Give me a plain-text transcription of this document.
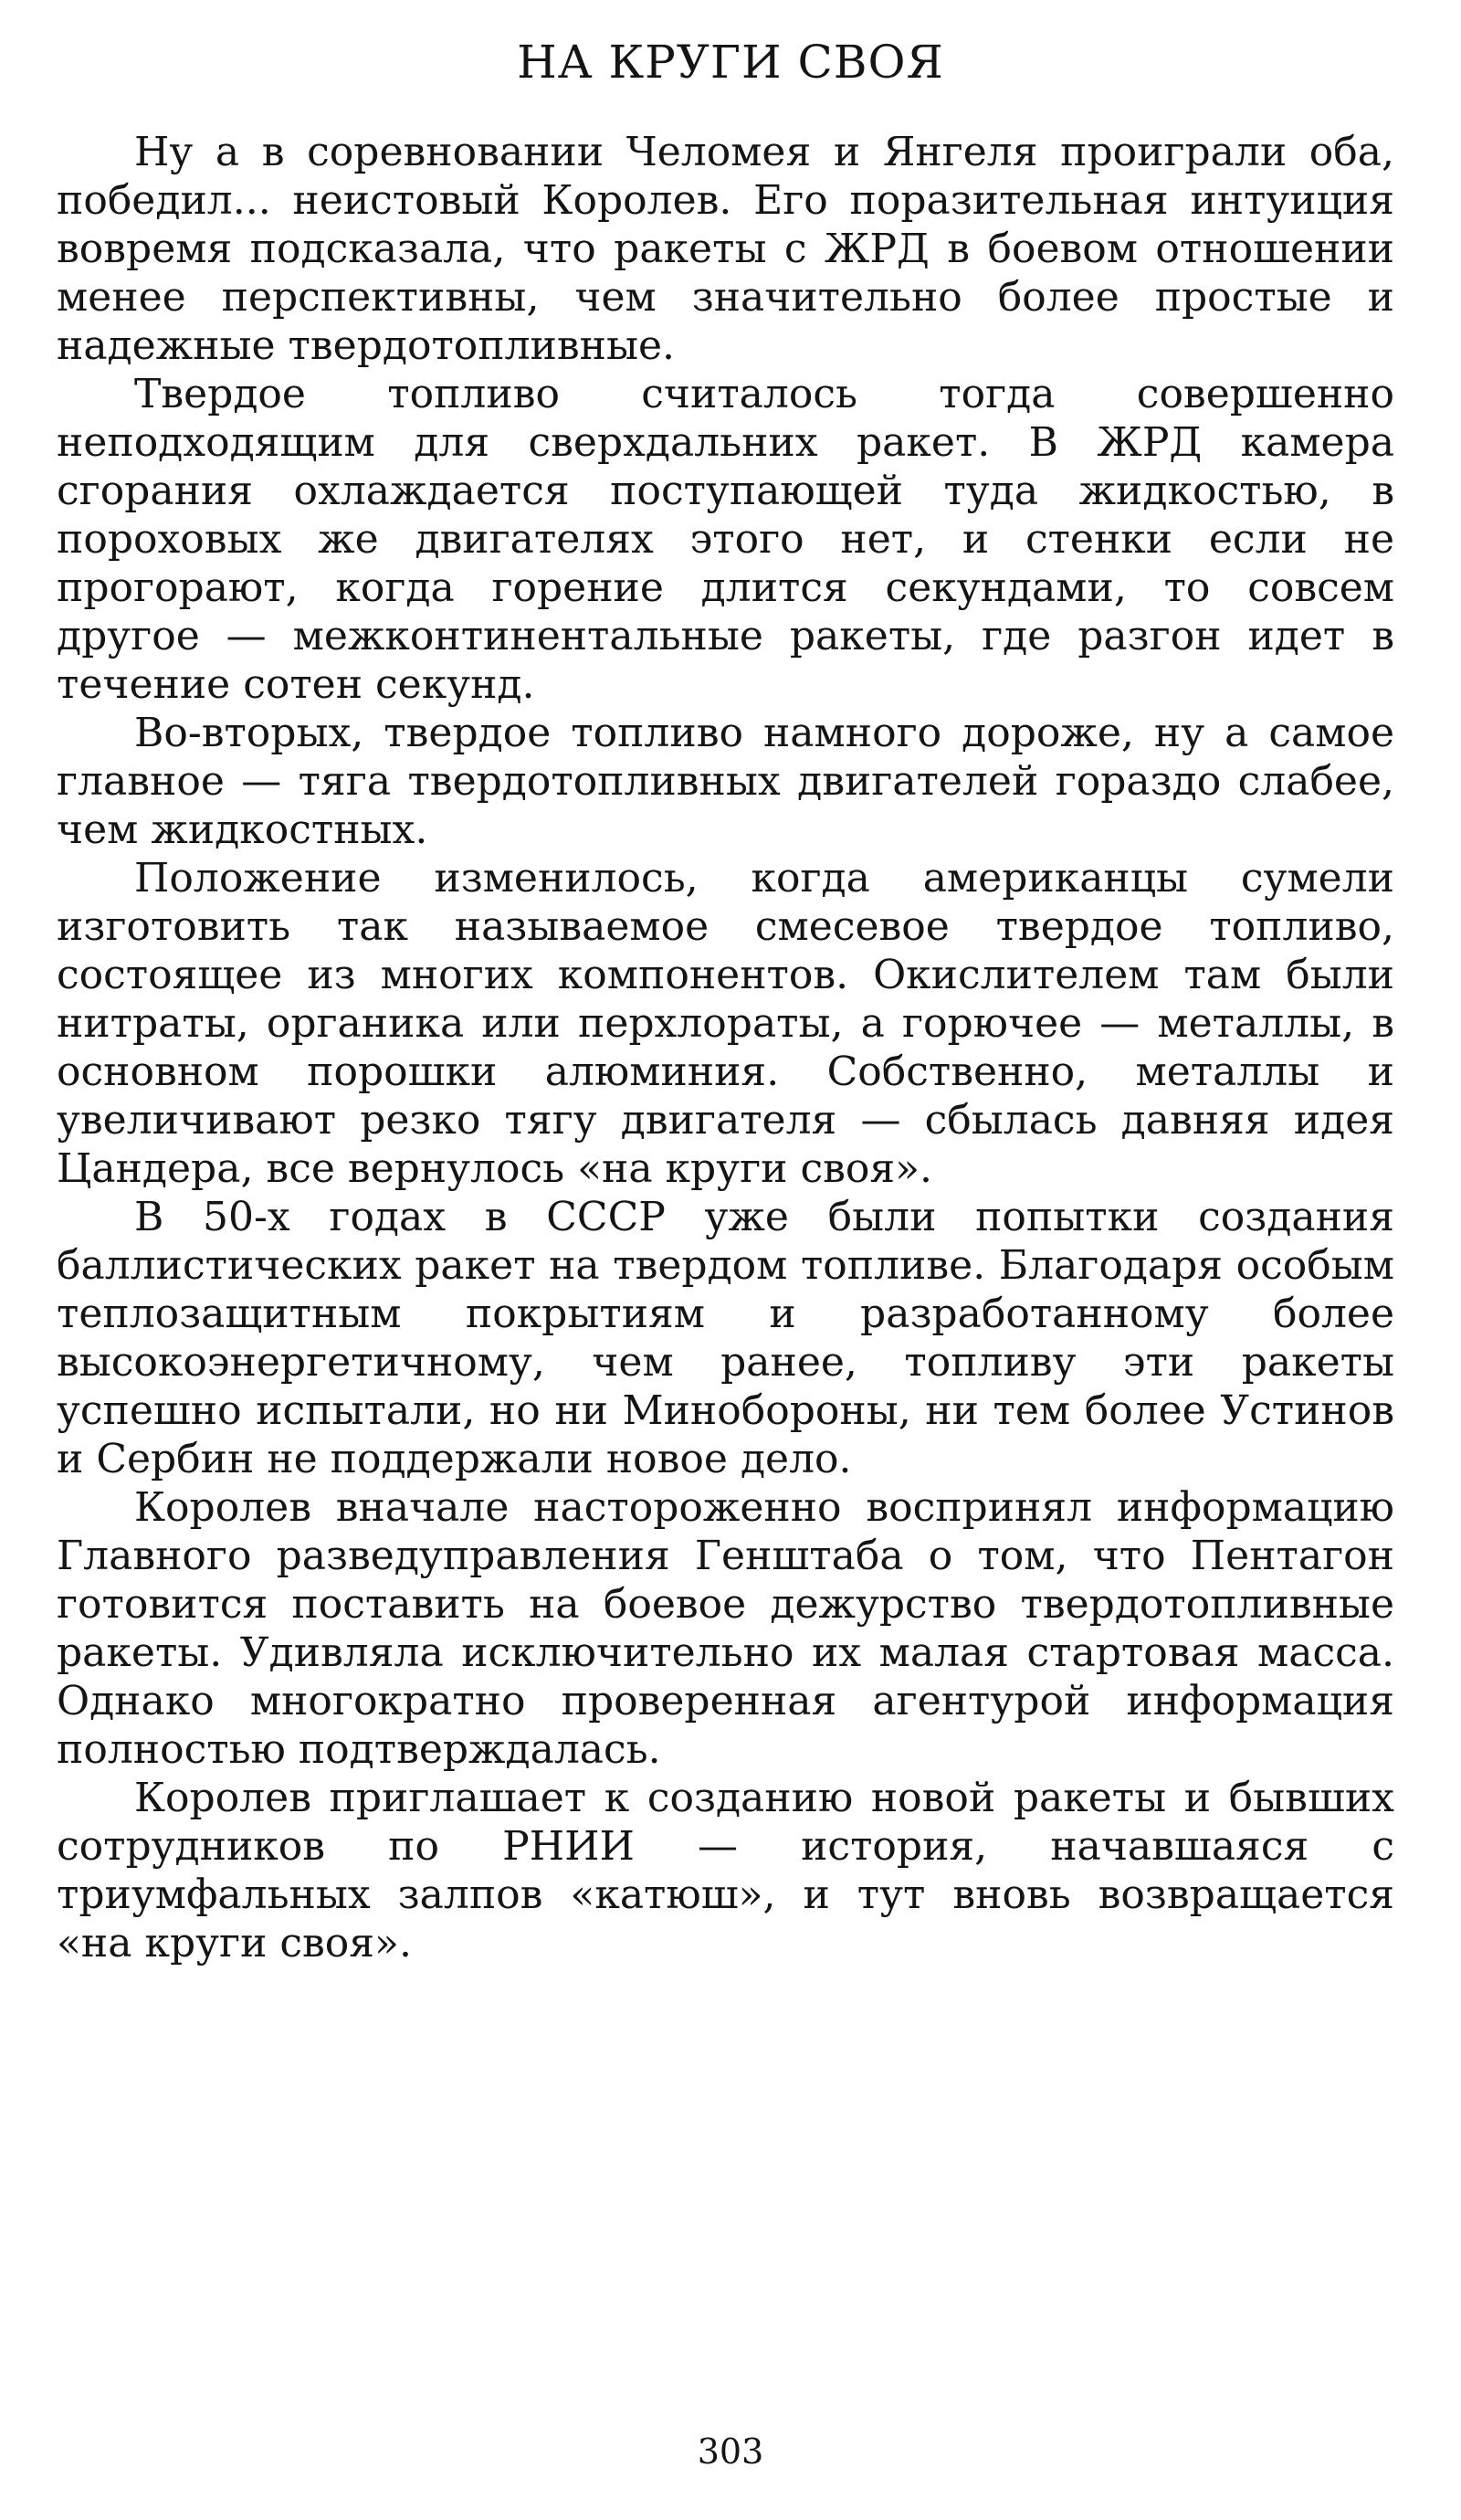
НА КРУГИ СВОЯ

Ну а в соревновании Челомея и Янгеля проиграли оба, победил... неистовый Королев. Его поразительная интуиция вовремя подсказала, что ракеты с ЖРД в боевом отношении менее перспективны, чем значительно более простые и надежные твердотопливные.

Твердое топливо считалось тогда совершенно неподходящим для сверхдальних ракет. В ЖРД камера сгорания охлаждается поступающей туда жидкостью, в пороховых же двигателях этого нет, и стенки если не прогорают, когда горение длится секундами, то совсем другое — межконтинентальные ракеты, где разгон идет в течение сотен секунд.

Во-вторых, твердое топливо намного дороже, ну а самое главное — тяга твердотопливных двигателей гораздо слабее, чем жидкостных.

Положение изменилось, когда американцы сумели изготовить так называемое смесевое твердое топливо, состоящее из многих компонентов. Окислителем там были нитраты, органика или перхлораты, а горючее — металлы, в основном порошки алюминия. Собственно, металлы и увеличивают резко тягу двигателя — сбылась давняя идея Цандера, все вернулось «на круги своя».

В 50-х годах в СССР уже были попытки создания баллистических ракет на твердом топливе. Благодаря особым теплозащитным покрытиям и разработанному более высокоэнергетичному, чем ранее, топливу эти ракеты успешно испытали, но ни Минобороны, ни тем более Устинов и Сербин не поддержали новое дело.

Королев вначале настороженно воспринял информацию Главного разведуправления Генштаба о том, что Пентагон готовится поставить на боевое дежурство твердотопливные ракеты. Удивляла исключительно их малая стартовая масса. Однако многократно проверенная агентурой информация полностью подтверждалась.

Королев приглашает к созданию новой ракеты и бывших сотрудников по РНИИ — история, начавшаяся с триумфальных залпов «катюш», и тут вновь возвращается «на круги своя».

303
